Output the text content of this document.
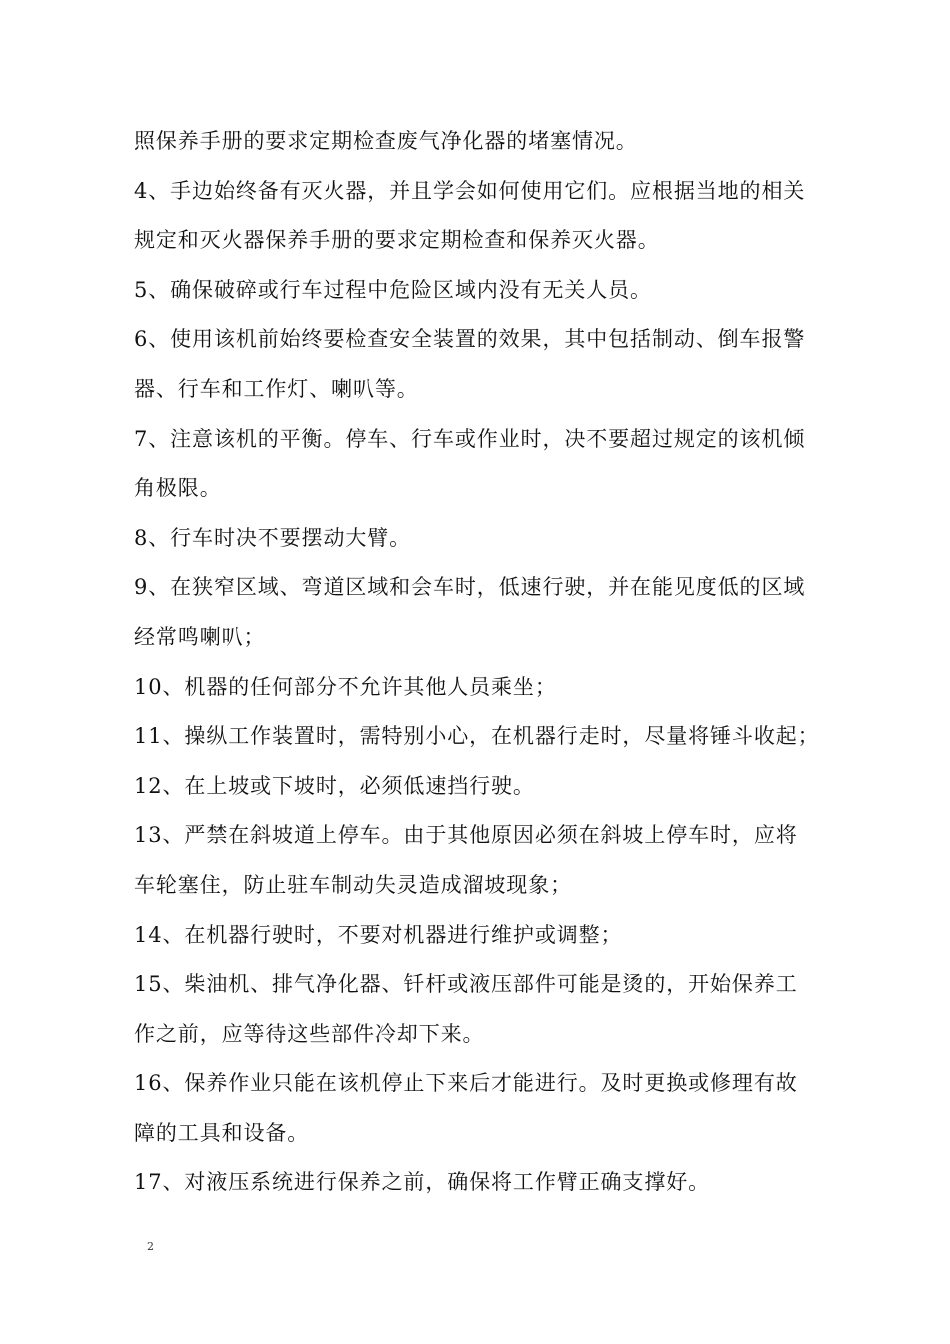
照保养手册的要求定期检查废气净化器的堵塞情况。
4、手边始终备有灭火器，并且学会如何使用它们。应根据当地的相关
规定和灭火器保养手册的要求定期检查和保养灭火器。
5、确保破碎或行车过程中危险区域内没有无关人员。
6、使用该机前始终要检查安全装置的效果，其中包括制动、倒车报警
器、行车和工作灯、喇叭等。
7、注意该机的平衡。停车、行车或作业时，决不要超过规定的该机倾
角极限。
8、行车时决不要摆动大臂。
9、在狭窄区域、弯道区域和会车时，低速行驶，并在能见度低的区域
经常鸣喇叭；
10、机器的任何部分不允许其他人员乘坐；
11、操纵工作装置时，需特别小心，在机器行走时，尽量将锤斗收起；
12、在上坡或下坡时，必须低速挡行驶。
13、严禁在斜坡道上停车。由于其他原因必须在斜坡上停车时，应将
车轮塞住，防止驻车制动失灵造成溜坡现象；
14、在机器行驶时，不要对机器进行维护或调整；
15、柴油机、排气净化器、钎杆或液压部件可能是烫的，开始保养工
作之前，应等待这些部件冷却下来。
16、保养作业只能在该机停止下来后才能进行。及时更换或修理有故
障的工具和设备。
17、对液压系统进行保养之前，确保将工作臂正确支撑好。
2
